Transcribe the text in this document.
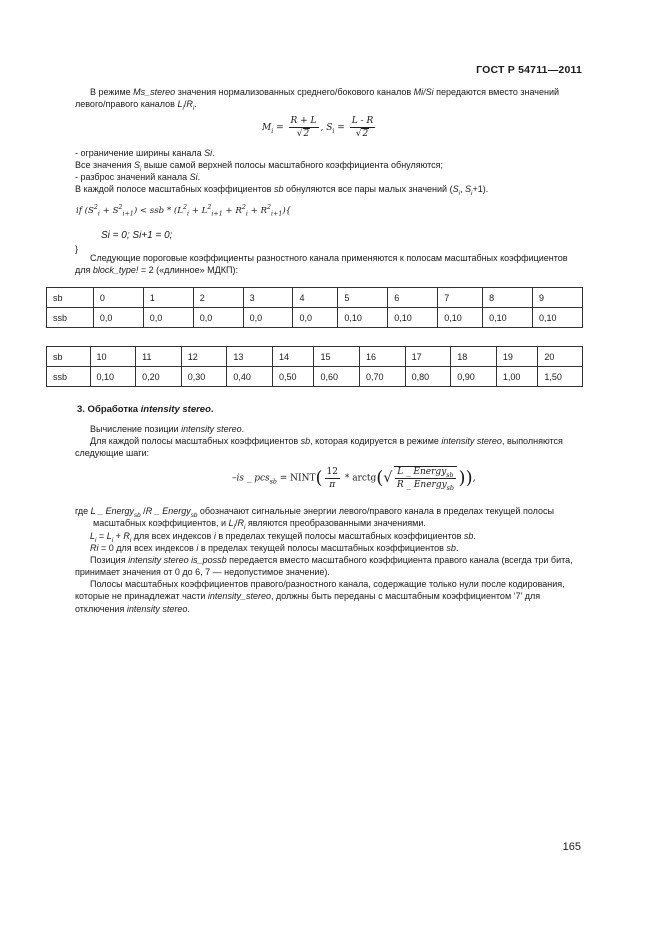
ГОСТ Р 54711—2011
В режиме Ms_stereo значения нормализованных среднего/бокового каналов Mi/Si передаются вместо значений левого/правого каналов $L_i/R_i$.
$M_i = \frac{R + L}{√2}$ , $S_i = \frac{L - R}{√2}$
- ограничение ширины канала Si.
Все значения $S_i$ выше самой верхней полосы масштабного коэффициента обнуляются;
- разброс значений канала Si.
В каждой полосе масштабных коэффициентов sb обнуляются все пары малых значений ($S_i$, $S_i+1$).
if $(S^2_i + S^2_{i+1})$ < ssb * $(L^2_i + L^2_{i+1} + R^2_i + R^2_{i+1})${
Si = 0; Si+1 = 0;
}
Следующие пороговые коэффициенты разностного канала применяются к полосам масштабных коэффициентов для block_type! = 2 («длинное» МДКП):
sb	0	1	2	3	4	5	6	7	8	9
ssb	0,0	0,0	0,0	0,0	0,0	0,10	0,10	0,10	0,10	0,10
sb	10	11	12	13	14	15	16	17	18	19	20
ssb	0,10	0,20	0,30	0,40	0,50	0,60	0,70	0,80	0,90	1,00	1,50
3. Обработка intensity stereo.
Вычисление позиции intensity stereo.
Для каждой полосы масштабных коэффициентов sb, которая кодируется в режиме intensity stereo, выполняются следующие шаги:
–is _ pcs$_{sb}$ = NINT( $\frac{12}{\pi}$ * arctg(√ $\frac{L \_ Energy_{sb}}{R \_ Energy_{sb}}$ )),
где L _ Energy$_{sb}$ /R _ Energy$_{sb}$ обозначают сигнальные энергии левого/правого канала в пределах текущей полосы масштабных коэффициентов, и $L_i/R_i$ являются преобразованными значениями.
$L_i = L_i + R_i$ для всех индексов i в пределах текущей полосы масштабных коэффициентов sb.
Ri = 0 для всех индексов i в пределах текущей полосы масштабных коэффициентов sb.
Позиция intensity stereo is_possb передается вместо масштабного коэффициента правого канала (всегда три бита, принимает значения от 0 до 6, 7 — недопустимое значение).
Полосы масштабных коэффициентов правого/разностного канала, содержащие только нули после кодирования, которые не принадлежат части intensity_stereo, должны быть переданы с масштабным коэффициентом ‘7’ для отключения intensity stereo.
165
